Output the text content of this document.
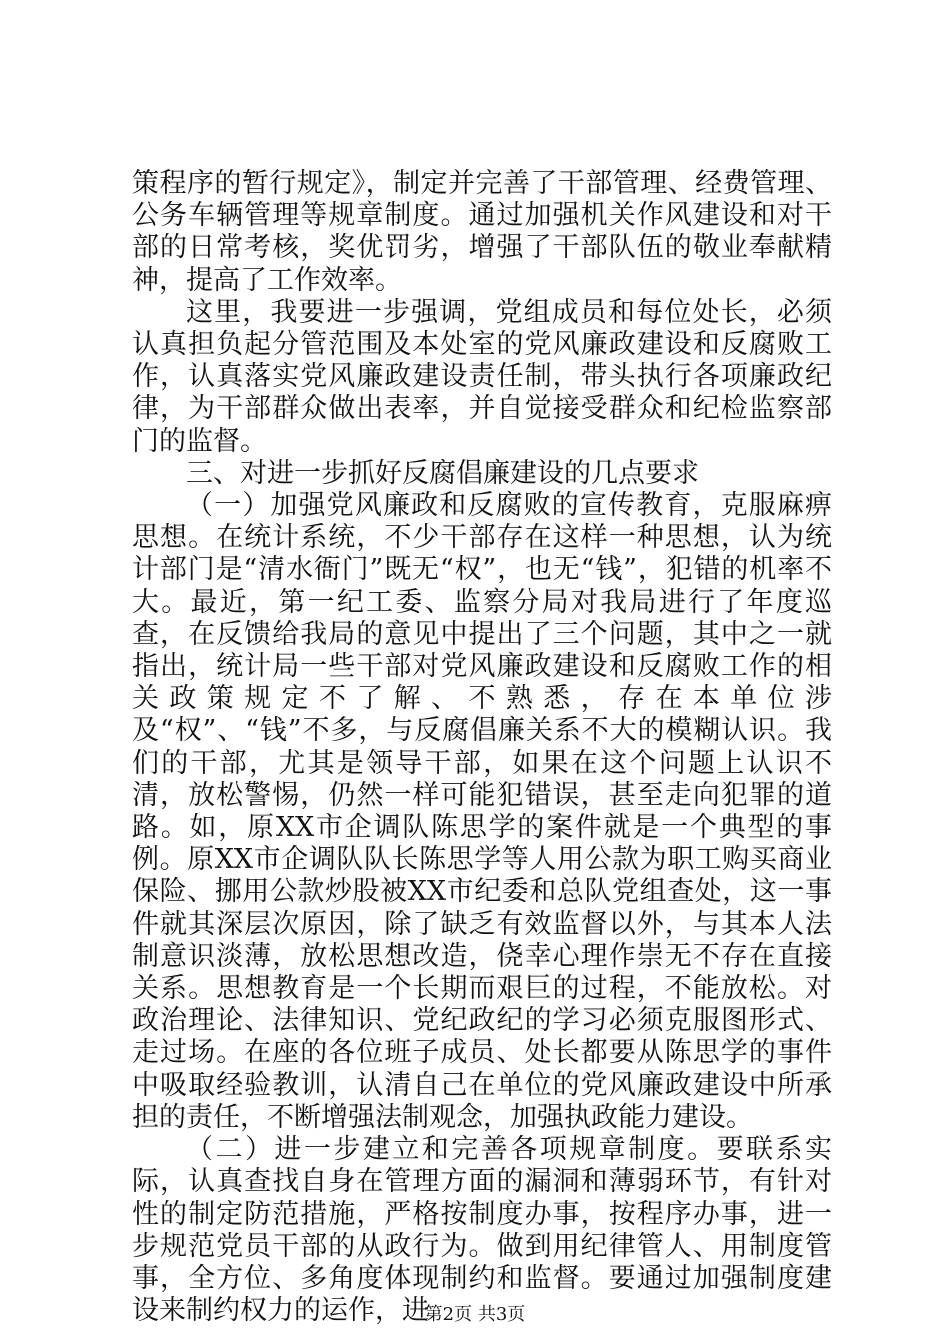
策程序的暂行规定》，制定并完善了干部管理、经费管理、公务车辆管理等规章制度。通过加强机关作风建设和对干部的日常考核，奖优罚劣，增强了干部队伍的敬业奉献精神，提高了工作效率。

这里，我要进一步强调，党组成员和每位处长，必须认真担负起分管范围及本处室的党风廉政建设和反腐败工作，认真落实党风廉政建设责任制，带头执行各项廉政纪律，为干部群众做出表率，并自觉接受群众和纪检监察部门的监督。

三、对进一步抓好反腐倡廉建设的几点要求

（一）加强党风廉政和反腐败的宣传教育，克服麻痹思想。在统计系统，不少干部存在这样一种思想，认为统计部门是“清水衙门”既无“权”，也无“钱”，犯错的机率不大。最近，第一纪工委、监察分局对我局进行了年度巡查，在反馈给我局的意见中提出了三个问题，其中之一就指出，统计局一些干部对党风廉政建设和反腐败工作的相关政策规定不了解、不熟悉，存在本单位涉及“权”、“钱”不多，与反腐倡廉关系不大的模糊认识。我们的干部，尤其是领导干部，如果在这个问题上认识不清，放松警惕，仍然一样可能犯错误，甚至走向犯罪的道路。如，原XX市企调队陈思学的案件就是一个典型的事例。原XX市企调队队长陈思学等人用公款为职工购买商业保险、挪用公款炒股被XX市纪委和总队党组查处，这一事件就其深层次原因，除了缺乏有效监督以外，与其本人法制意识淡薄，放松思想改造，侥幸心理作崇无不存在直接关系。思想教育是一个长期而艰巨的过程，不能放松。对政治理论、法律知识、党纪政纪的学习必须克服图形式、走过场。在座的各位班子成员、处长都要从陈思学的事件中吸取经验教训，认清自己在单位的党风廉政建设中所承担的责任，不断增强法制观念，加强执政能力建设。

（二）进一步建立和完善各项规章制度。要联系实际，认真查找自身在管理方面的漏洞和薄弱环节，有针对性的制定防范措施，严格按制度办事，按程序办事，进一步规范党员干部的从政行为。做到用纪律管人、用制度管事，全方位、多角度体现制约和监督。要通过加强制度建设来制约权力的运作，进

第2页 共3页
